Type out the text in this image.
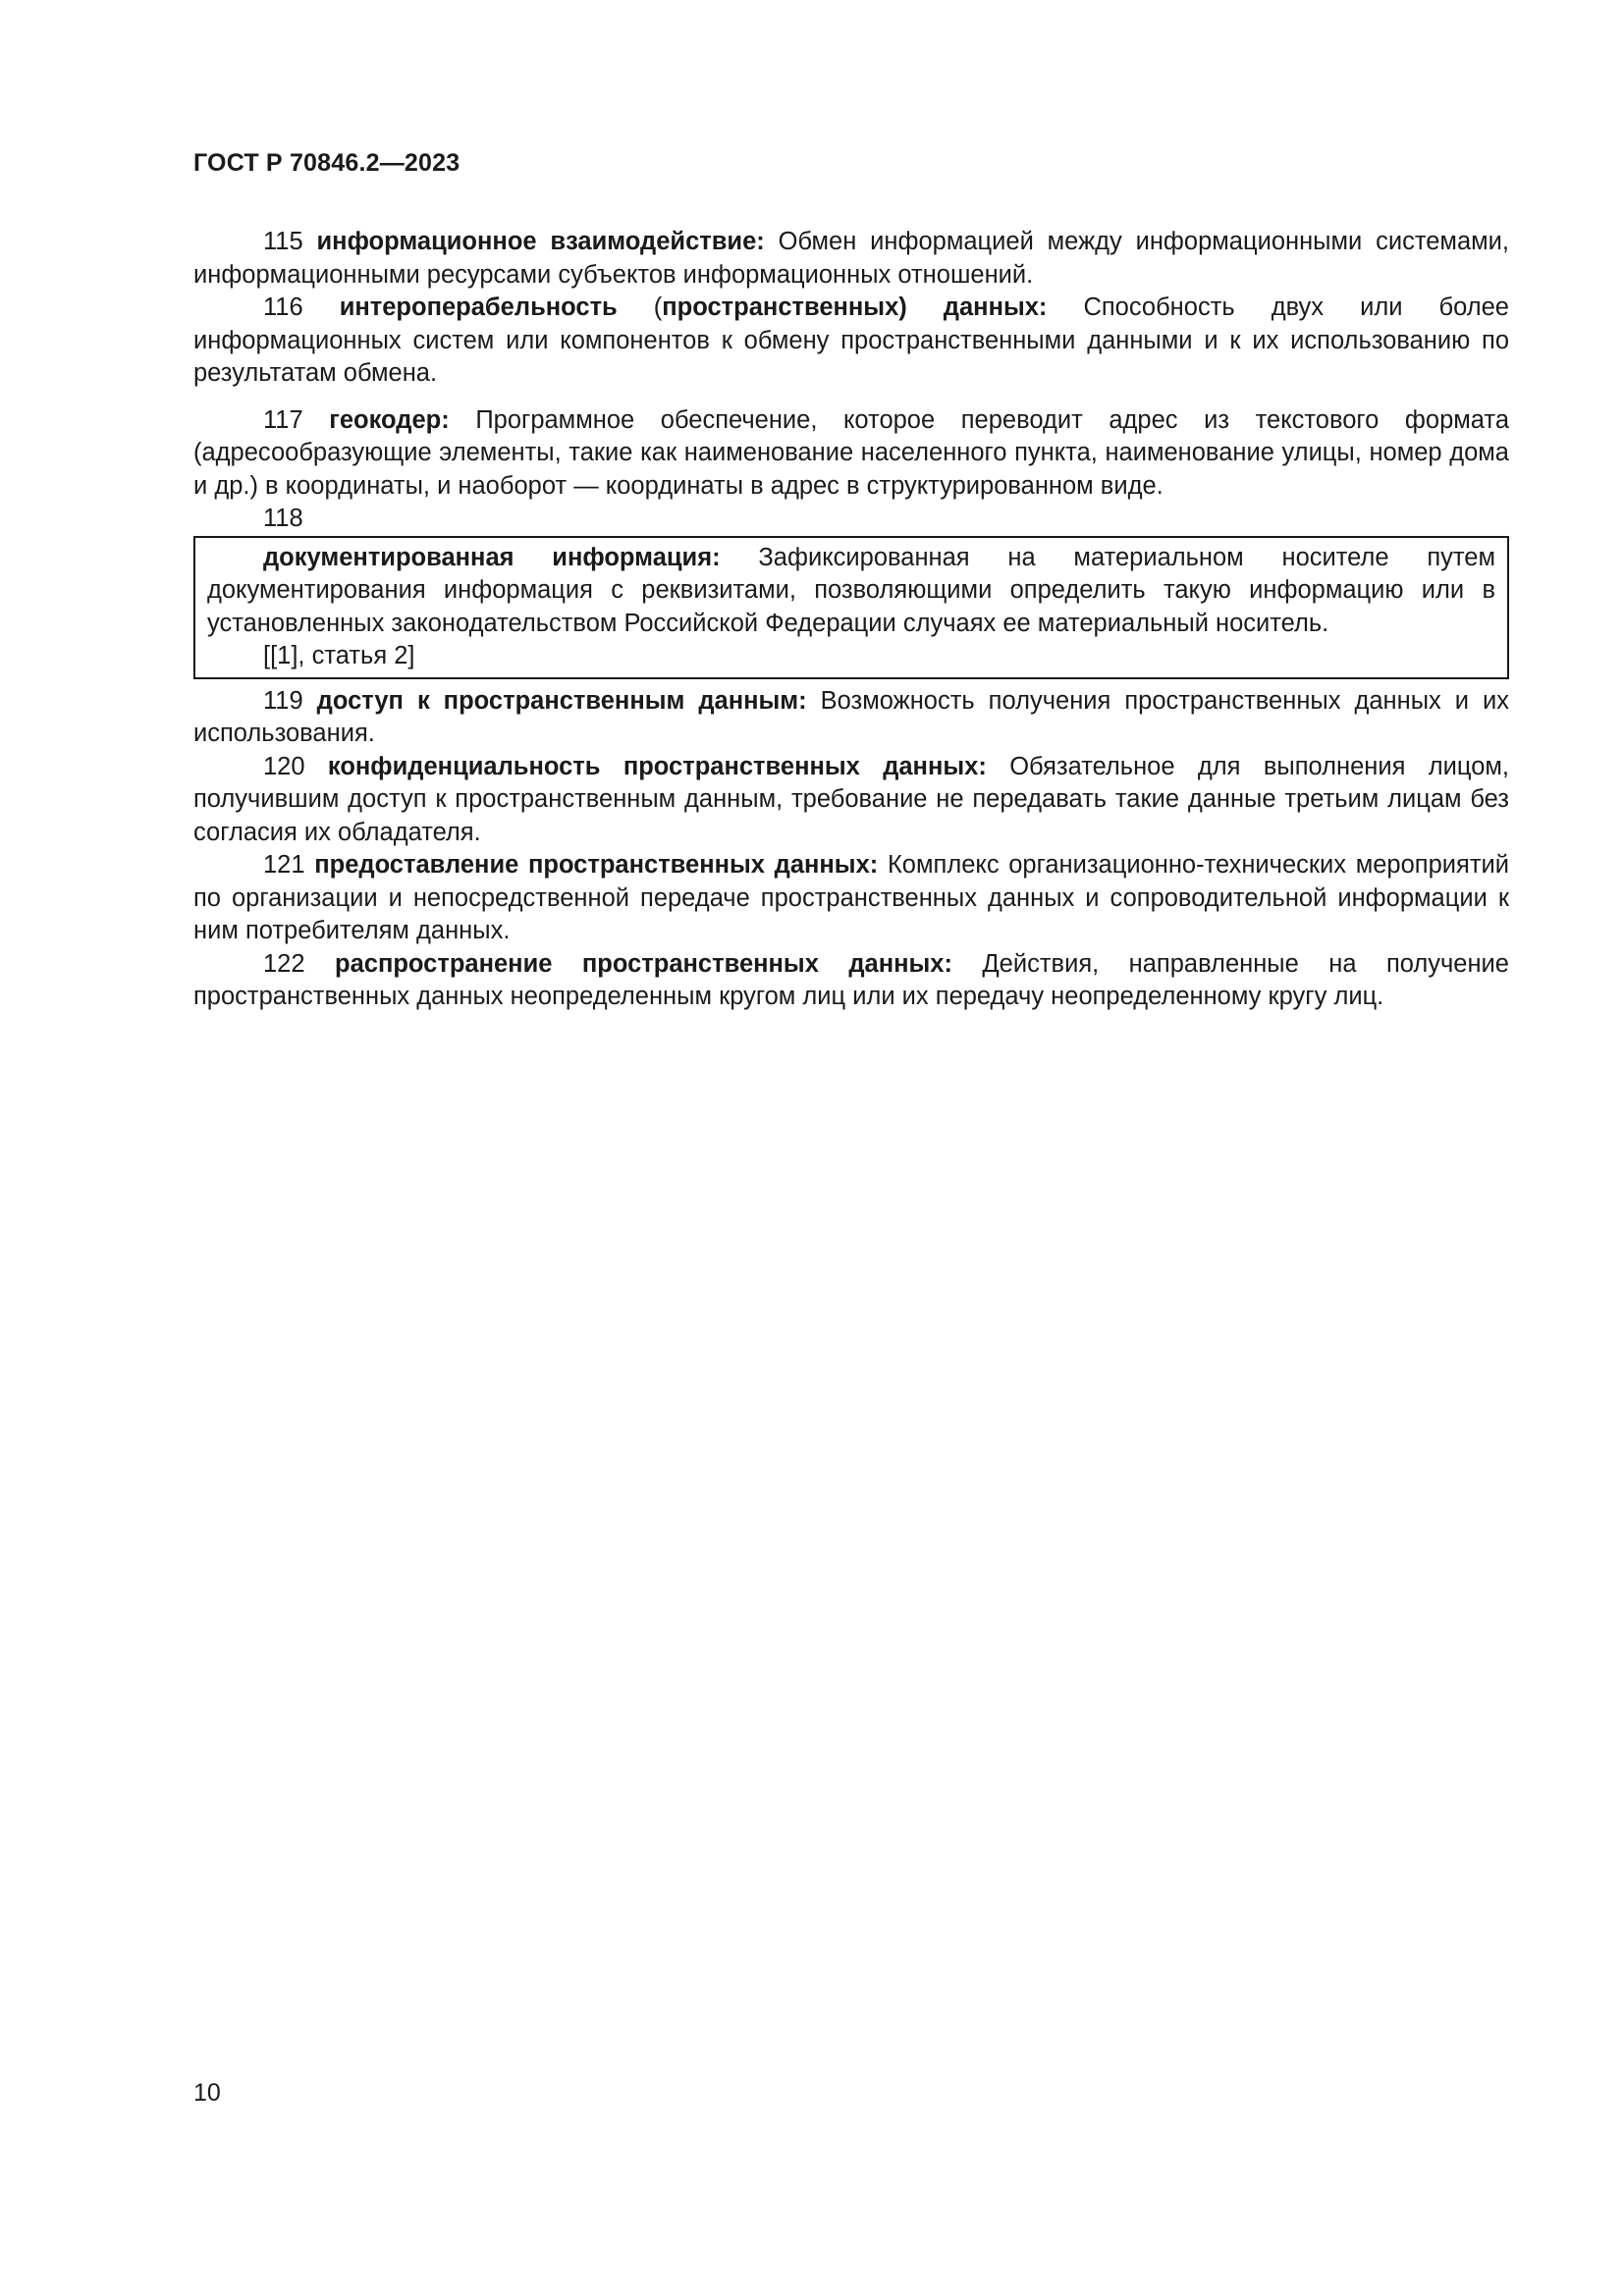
ГОСТ Р 70846.2—2023

115 информационное взаимодействие: Обмен информацией между информационными системами, информационными ресурсами субъектов информационных отношений.

116 интероперабельность (пространственных) данных: Способность двух или более информационных систем или компонентов к обмену пространственными данными и к их использованию по результатам обмена.

117 геокодер: Программное обеспечение, которое переводит адрес из текстового формата (адресообразующие элементы, такие как наименование населенного пункта, наименование улицы, номер дома и др.) в координаты, и наоборот — координаты в адрес в структурированном виде.

118

документированная информация: Зафиксированная на материальном носителе путем документирования информация с реквизитами, позволяющими определить такую информацию или в установленных законодательством Российской Федерации случаях ее материальный носитель.

[[1], статья 2]

119 доступ к пространственным данным: Возможность получения пространственных данных и их использования.

120 конфиденциальность пространственных данных: Обязательное для выполнения лицом, получившим доступ к пространственным данным, требование не передавать такие данные третьим лицам без согласия их обладателя.

121 предоставление пространственных данных: Комплекс организационно-технических мероприятий по организации и непосредственной передаче пространственных данных и сопроводительной информации к ним потребителям данных.

122 распространение пространственных данных: Действия, направленные на получение пространственных данных неопределенным кругом лиц или их передачу неопределенному кругу лиц.

10
